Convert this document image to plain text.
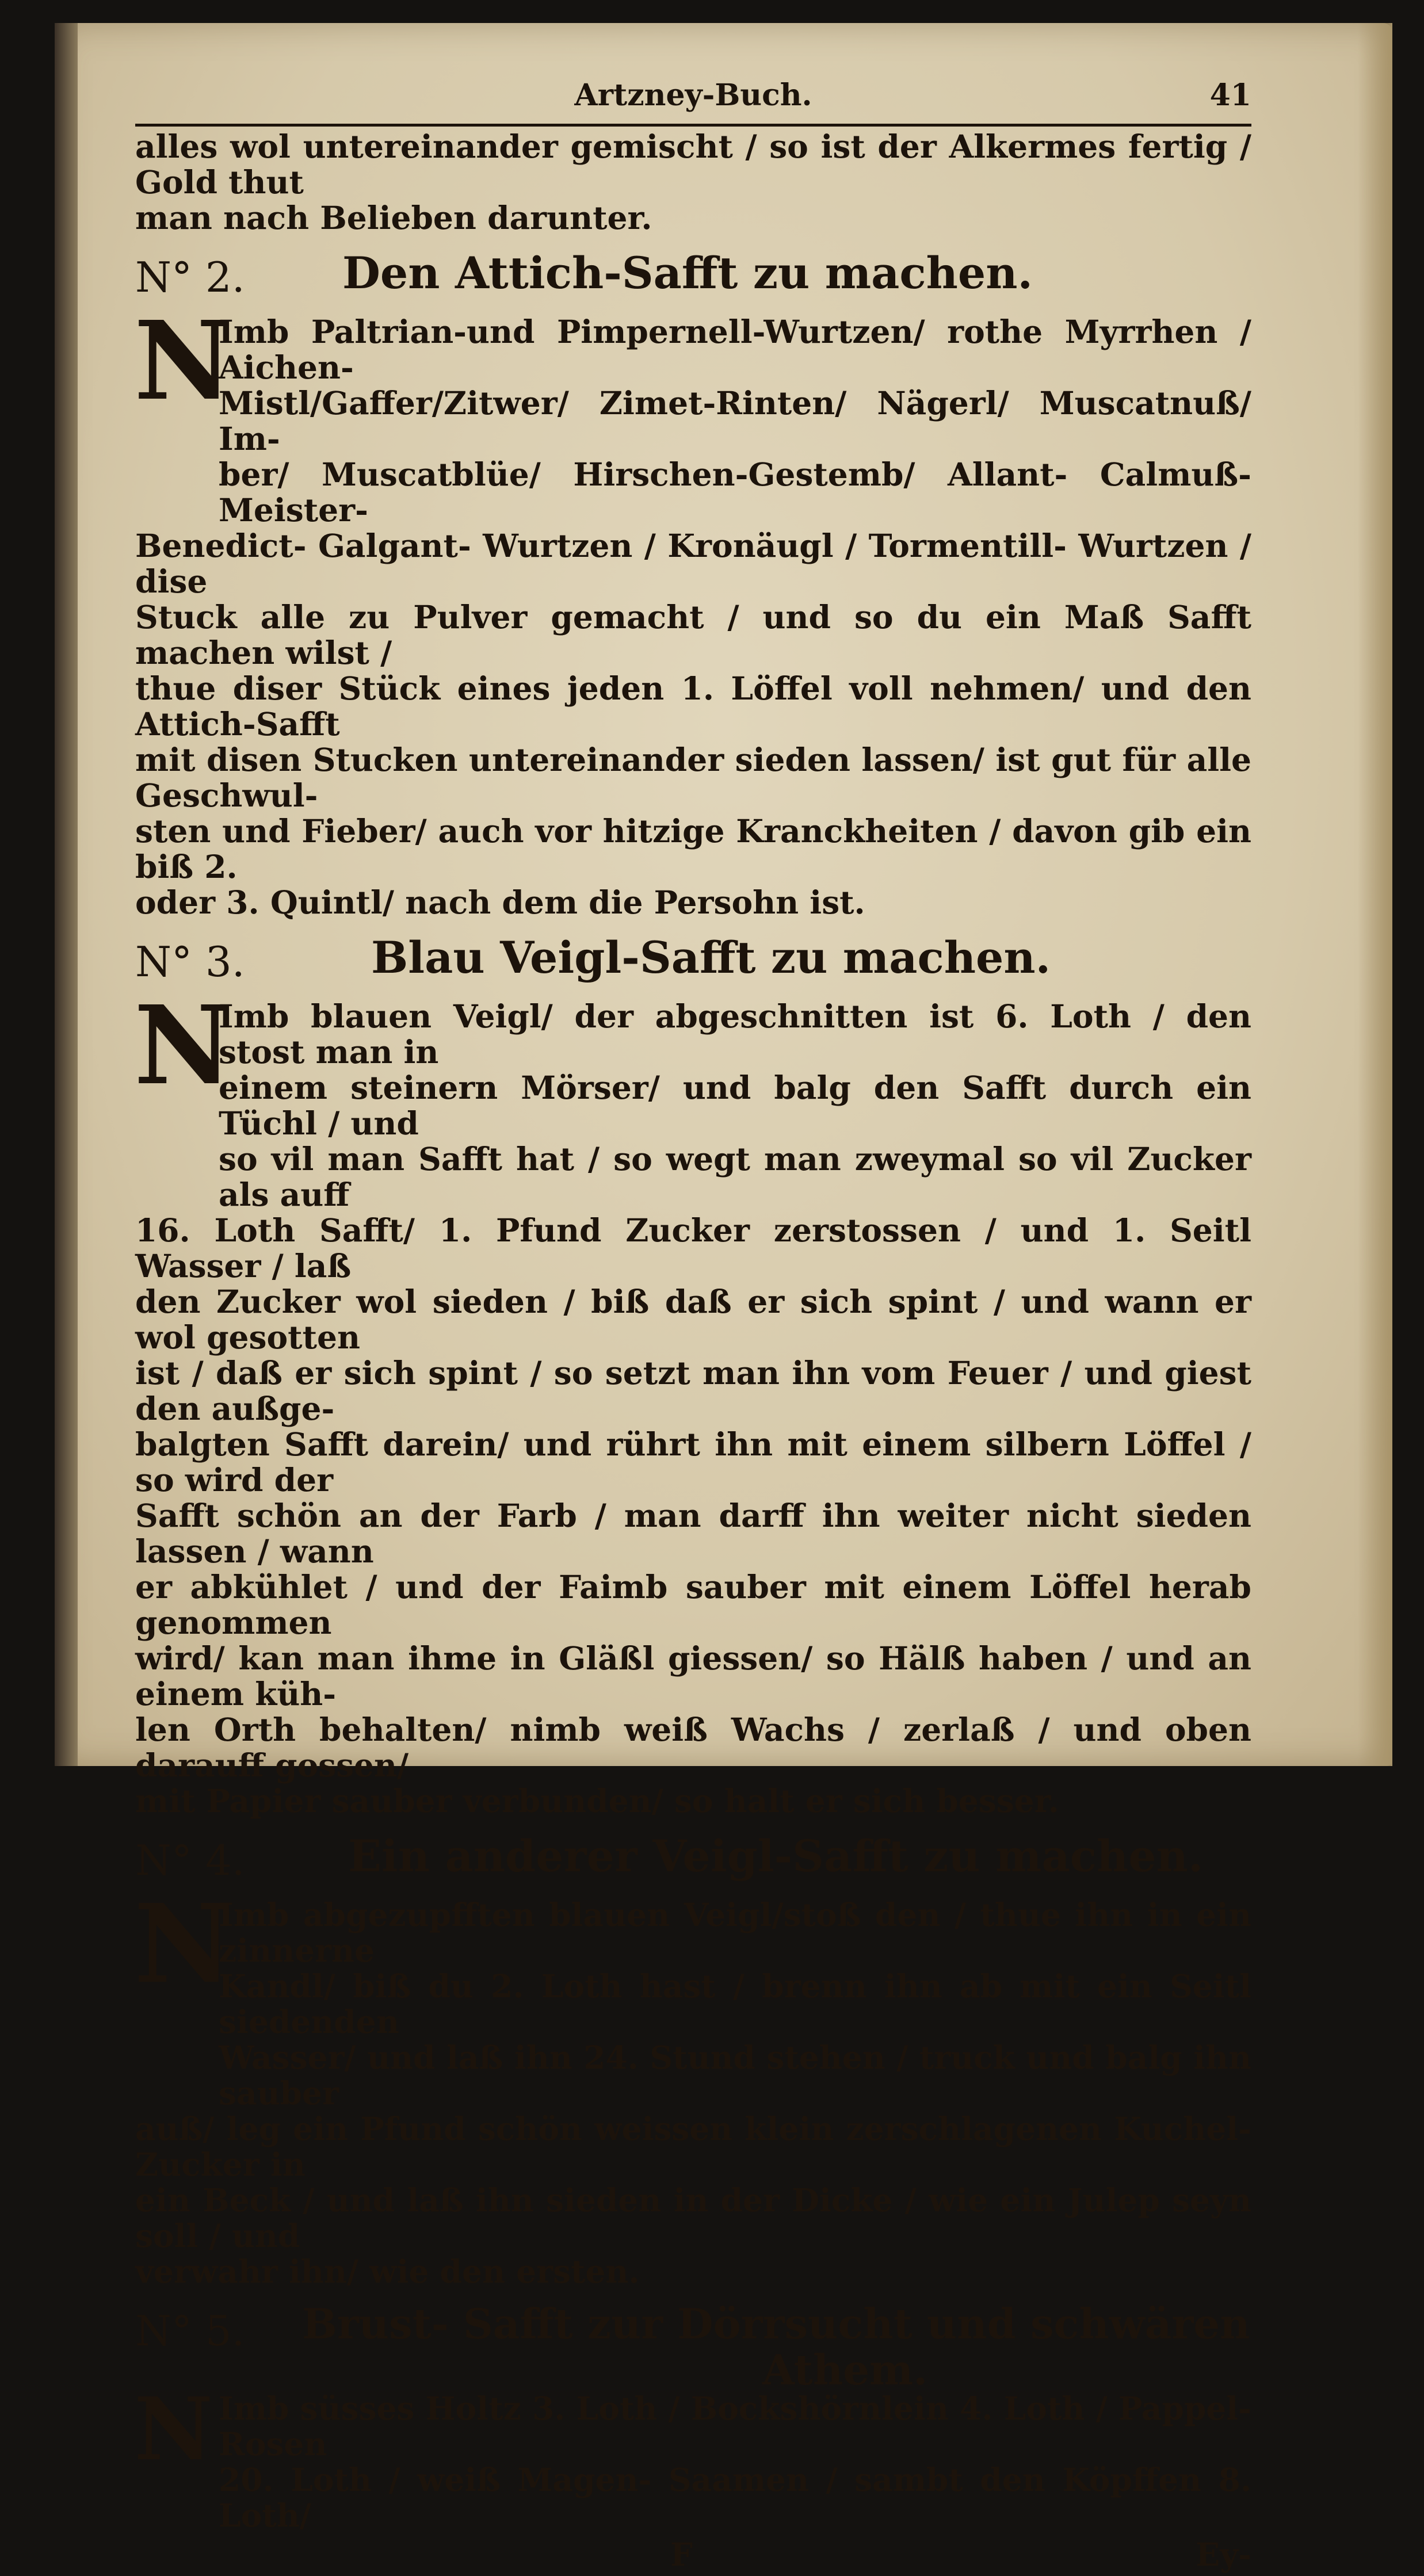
Artzney-Buch.	41

alles wol untereinander gemischt / so ist der Alkermes fertig / Gold thut

man nach Belieben darunter.

N° 2. Den Attich-Safft zu machen.
N

Imb Paltrian-und Pimpernell-Wurtzen/ rothe Myrrhen / Aichen-

Mistl/Gaffer/Zitwer/ Zimet-Rinten/ Nägerl/ Muscatnuß/ Im-

ber/ Muscatblüe/ Hirschen-Gestemb/ Allant- Calmuß- Meister-

Benedict- Galgant- Wurtzen / Kronäugl / Tormentill- Wurtzen / dise

Stuck alle zu Pulver gemacht / und so du ein Maß Safft machen wilst /

thue diser Stück eines jeden 1. Löffel voll nehmen/ und den Attich-Safft

mit disen Stucken untereinander sieden lassen/ ist gut für alle Geschwul-

sten und Fieber/ auch vor hitzige Kranckheiten / davon gib ein biß 2.

oder 3. Quintl/ nach dem die Persohn ist.

N° 3.	Blau Veigl-Safft zu machen.
N

Imb blauen Veigl/ der abgeschnitten ist 6. Loth / den stost man in

einem steinern Mörser/ und balg den Safft durch ein Tüchl / und

so vil man Safft hat / so wegt man zweymal so vil Zucker als auff

16. Loth Safft/ 1. Pfund Zucker zerstossen / und 1. Seitl Wasser / laß

den Zucker wol sieden / biß daß er sich spint / und wann er wol gesotten

ist / daß er sich spint / so setzt man ihn vom Feuer / und giest den außge-

balgten Safft darein/ und rührt ihn mit einem silbern Löffel / so wird der

Safft schön an der Farb / man darff ihn weiter nicht sieden lassen / wann

er abkühlet / und der Faimb sauber mit einem Löffel herab genommen

wird/ kan man ihme in Gläßl giessen/ so Hälß haben / und an einem küh-

len Orth behalten/ nimb weiß Wachs / zerlaß / und oben darauff gossen/

mit Papier sauber verbunden/ so halt er sich besser.

N° 4. Ein anderer Veigl-Safft zu machen.
N

Imb abgezupfften blauen Veigl/stoß den / thue ihn in ein zinnerne

Kandl/ biß du 2. Loth hast / brenn ihn ab mit ein Seitl siedenden

Wasser/ und laß ihn 24. Stund stehen / truck und balg ihn sauber

auß/ leg ein Pfund schön weissen klein zerschlagenen Kuchel-Zucker in

ein Beck / und laß ihn sieden in der Dicke / wie ein Julep seyn soll / und

verwahr ihn/ wie den ersten.

N° 5. Brust- Safft zur Dörrsucht und schwären
Athem.
N Imb süsses Holtz 3. Loth / Bockshörnlein 4. Loth / Pappel-Rosen

20. Loth / weiß Magen- Saamen / sambt den Köpffen 8. Loth/

F	Ey-
